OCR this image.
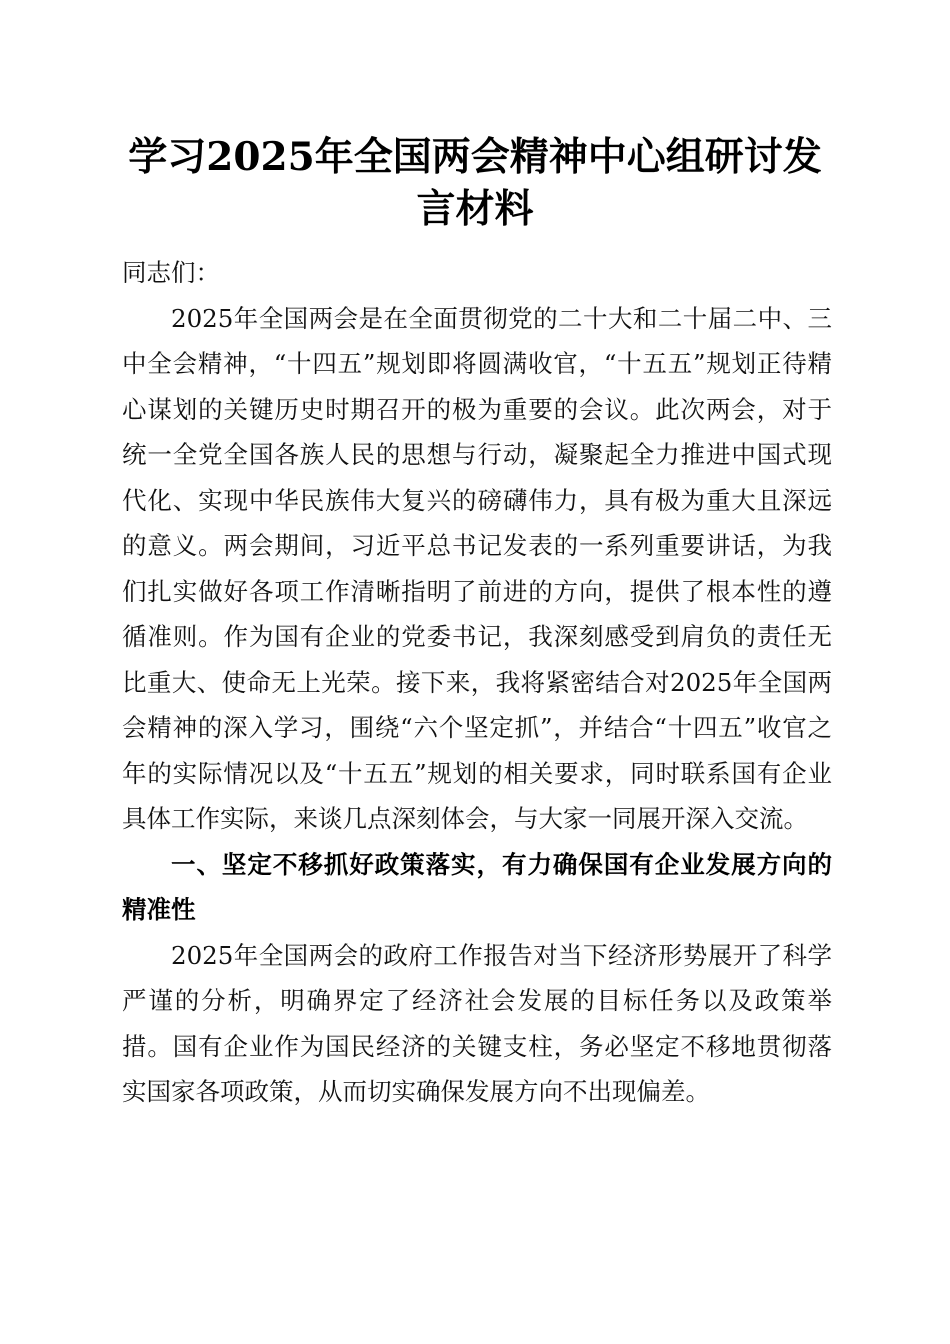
学习2025年全国两会精神中心组研讨发言材料

同志们：

2025年全国两会是在全面贯彻党的二十大和二十届二中、三中全会精神，“十四五”规划即将圆满收官，“十五五”规划正待精心谋划的关键历史时期召开的极为重要的会议。此次两会，对于统一全党全国各族人民的思想与行动，凝聚起全力推进中国式现代化、实现中华民族伟大复兴的磅礴伟力，具有极为重大且深远的意义。两会期间，习近平总书记发表的一系列重要讲话，为我们扎实做好各项工作清晰指明了前进的方向，提供了根本性的遵循准则。作为国有企业的党委书记，我深刻感受到肩负的责任无比重大、使命无上光荣。接下来，我将紧密结合对2025年全国两会精神的深入学习，围绕“六个坚定抓”，并结合“十四五”收官之年的实际情况以及“十五五”规划的相关要求，同时联系国有企业具体工作实际，来谈几点深刻体会，与大家一同展开深入交流。

一、坚定不移抓好政策落实，有力确保国有企业发展方向的精准性

2025年全国两会的政府工作报告对当下经济形势展开了科学严谨的分析，明确界定了经济社会发展的目标任务以及政策举措。国有企业作为国民经济的关键支柱，务必坚定不移地贯彻落实国家各项政策，从而切实确保发展方向不出现偏差。
